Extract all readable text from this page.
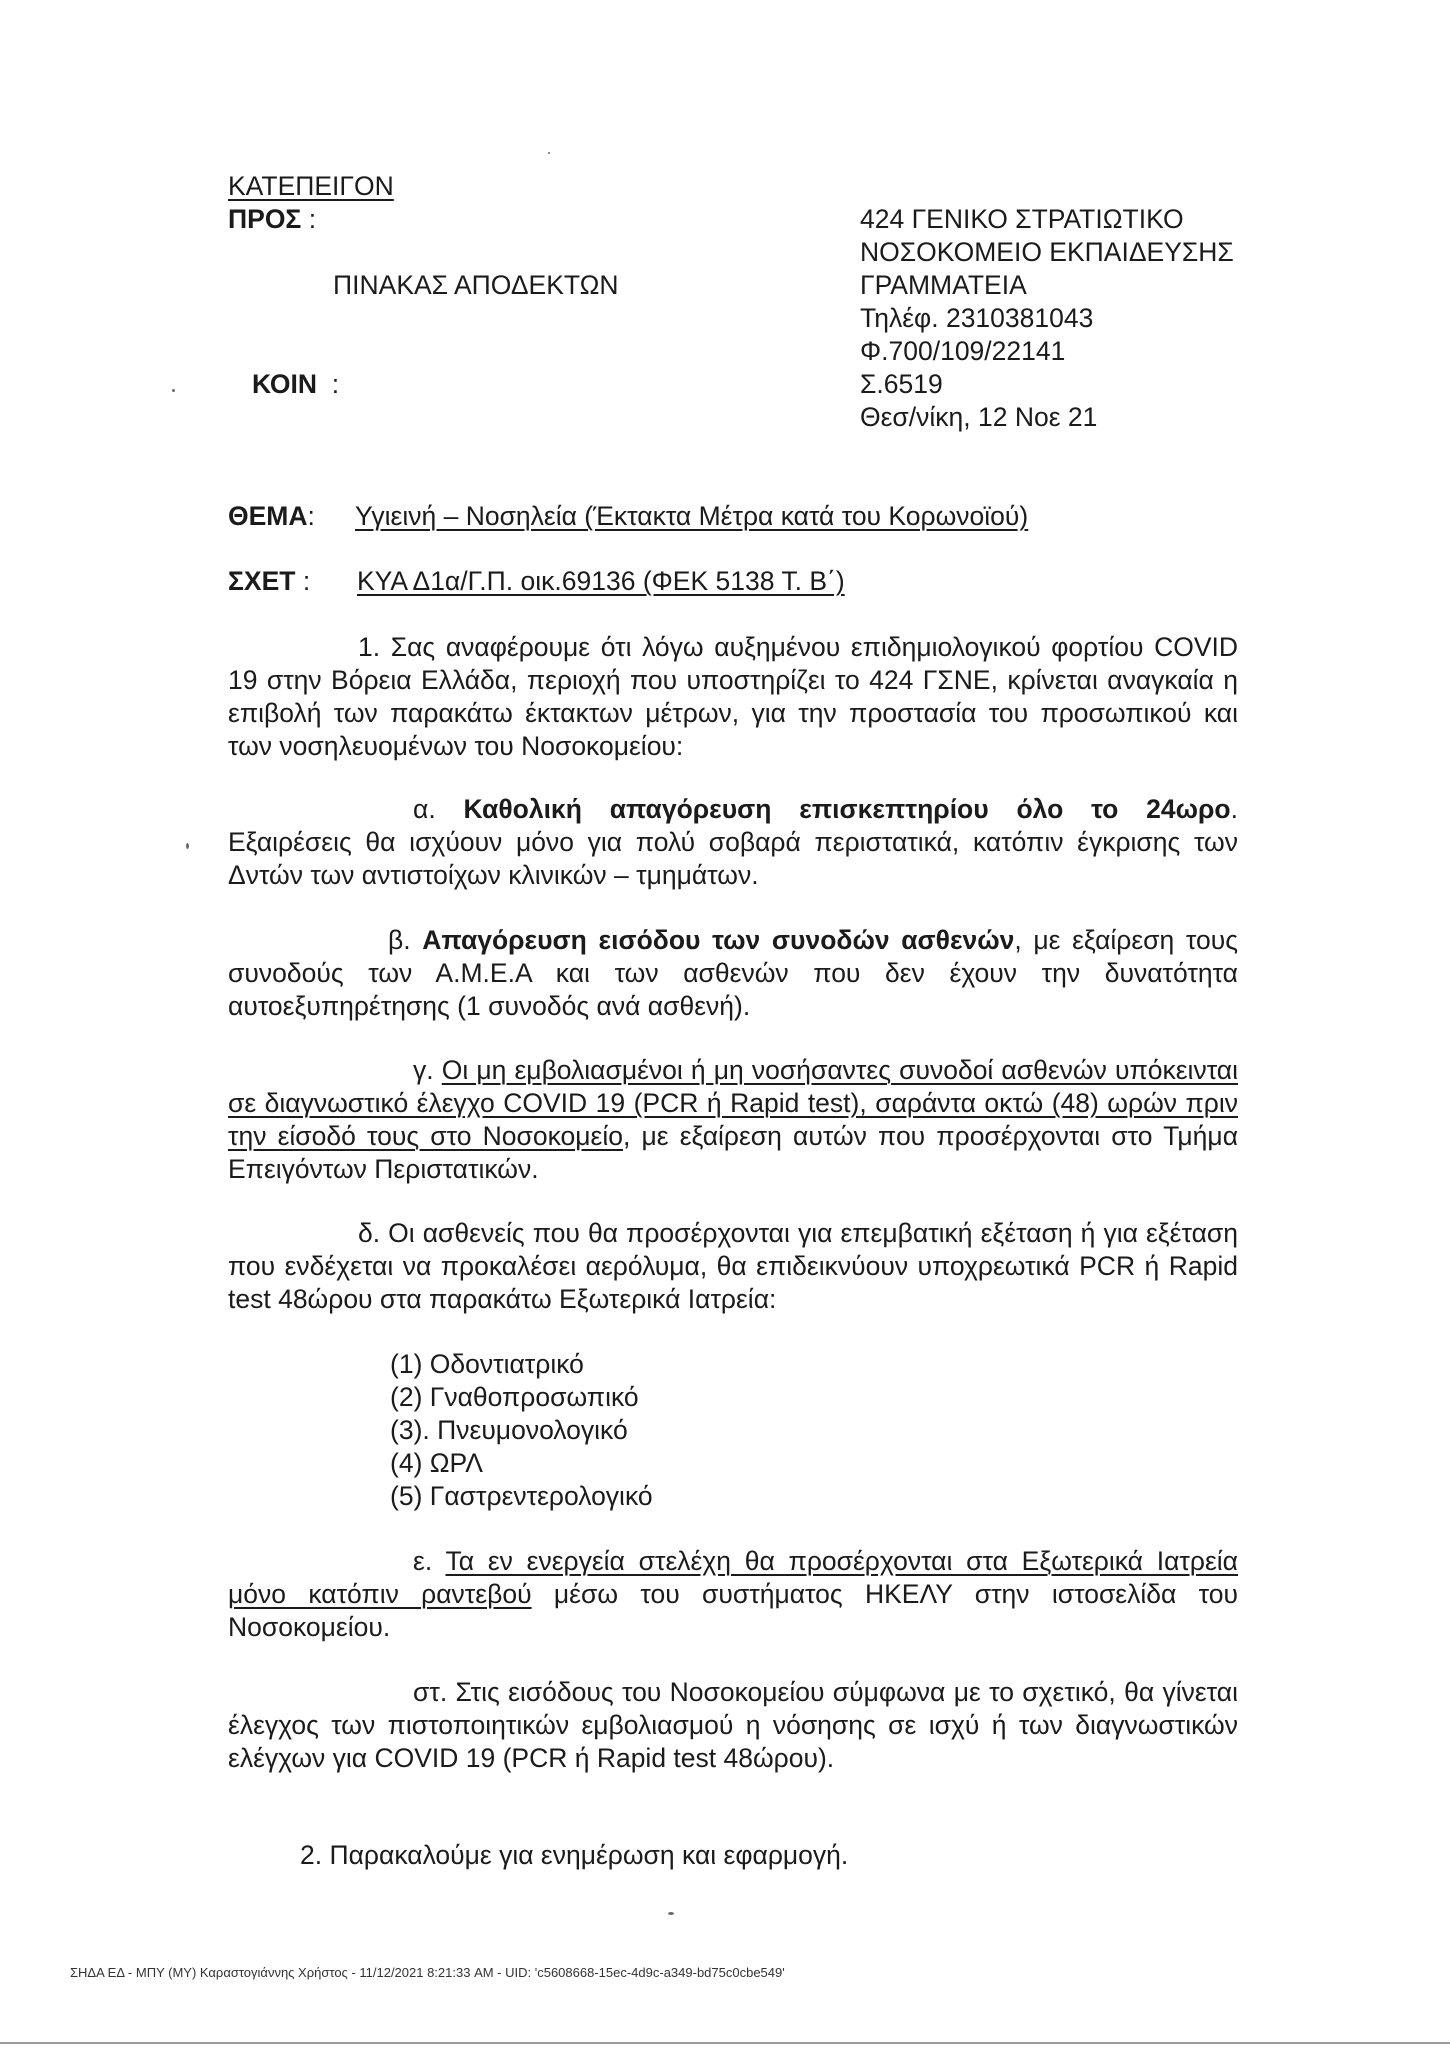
ΚΑΤΕΠΕΙΓΟΝ
ΠΡΟΣ :
ΠΙΝΑΚΑΣ ΑΠΟΔΕΚΤΩΝ
ΚΟΙΝ :
424 ΓΕΝΙΚΟ ΣΤΡΑΤΙΩΤΙΚΟ
ΝΟΣΟΚΟΜΕΙΟ ΕΚΠΑΙΔΕΥΣΗΣ
ΓΡΑΜΜΑΤΕΙΑ
Τηλέφ. 2310381043
Φ.700/109/22141
Σ.6519
Θεσ/νίκη, 12 Νοε 21
ΘΕΜΑ: Υγιεινή – Νοσηλεία (Έκτακτα Μέτρα κατά του Κορωνοϊού)
ΣΧΕΤ : ΚΥΑ Δ1α/Γ.Π. οικ.69136 (ΦΕΚ 5138 Τ. Β΄)

1. Σας αναφέρουμε ότι λόγω αυξημένου επιδημιολογικού φορτίου COVID 19 στην Βόρεια Ελλάδα, περιοχή που υποστηρίζει το 424 ΓΣΝΕ, κρίνεται αναγκαία η επιβολή των παρακάτω έκτακτων μέτρων, για την προστασία του προσωπικού και των νοσηλευομένων του Νοσοκομείου:

α. Καθολική απαγόρευση επισκεπτηρίου όλο το 24ωρο. Εξαιρέσεις θα ισχύουν μόνο για πολύ σοβαρά περιστατικά, κατόπιν έγκρισης των Δντών των αντιστοίχων κλινικών – τμημάτων.

β. Απαγόρευση εισόδου των συνοδών ασθενών, με εξαίρεση τους συνοδούς των Α.Μ.Ε.Α και των ασθενών που δεν έχουν την δυνατότητα αυτοεξυπηρέτησης (1 συνοδός ανά ασθενή).

γ. Οι μη εμβολιασμένοι ή μη νοσήσαντες συνοδοί ασθενών υπόκεινται σε διαγνωστικό έλεγχο COVID 19 (PCR ή Rapid test), σαράντα οκτώ (48) ωρών πριν την είσοδό τους στο Νοσοκομείο, με εξαίρεση αυτών που προσέρχονται στο Τμήμα Επειγόντων Περιστατικών.

δ. Οι ασθενείς που θα προσέρχονται για επεμβατική εξέταση ή για εξέταση που ενδέχεται να προκαλέσει αερόλυμα, θα επιδεικνύουν υποχρεωτικά PCR ή Rapid test 48ώρου στα παρακάτω Εξωτερικά Ιατρεία:

(1) Οδοντιατρικό
(2) Γναθοπροσωπικό
(3). Πνευμονολογικό
(4) ΩΡΛ
(5) Γαστρεντερολογικό

ε. Τα εν ενεργεία στελέχη θα προσέρχονται στα Εξωτερικά Ιατρεία μόνο κατόπιν ραντεβού μέσω του συστήματος ΗΚΕΛΥ στην ιστοσελίδα του Νοσοκομείου.

στ. Στις εισόδους του Νοσοκομείου σύμφωνα με το σχετικό, θα γίνεται έλεγχος των πιστοποιητικών εμβολιασμού η νόσησης σε ισχύ ή των διαγνωστικών ελέγχων για COVID 19 (PCR ή Rapid test 48ώρου).

2. Παρακαλούμε για ενημέρωση και εφαρμογή.
ΣΗΔΑ ΕΔ - ΜΠΥ (ΜΥ) Καραστογιάννης Χρήστος - 11/12/2021 8:21:33 AM - UID: 'c5608668-15ec-4d9c-a349-bd75c0cbe549'
